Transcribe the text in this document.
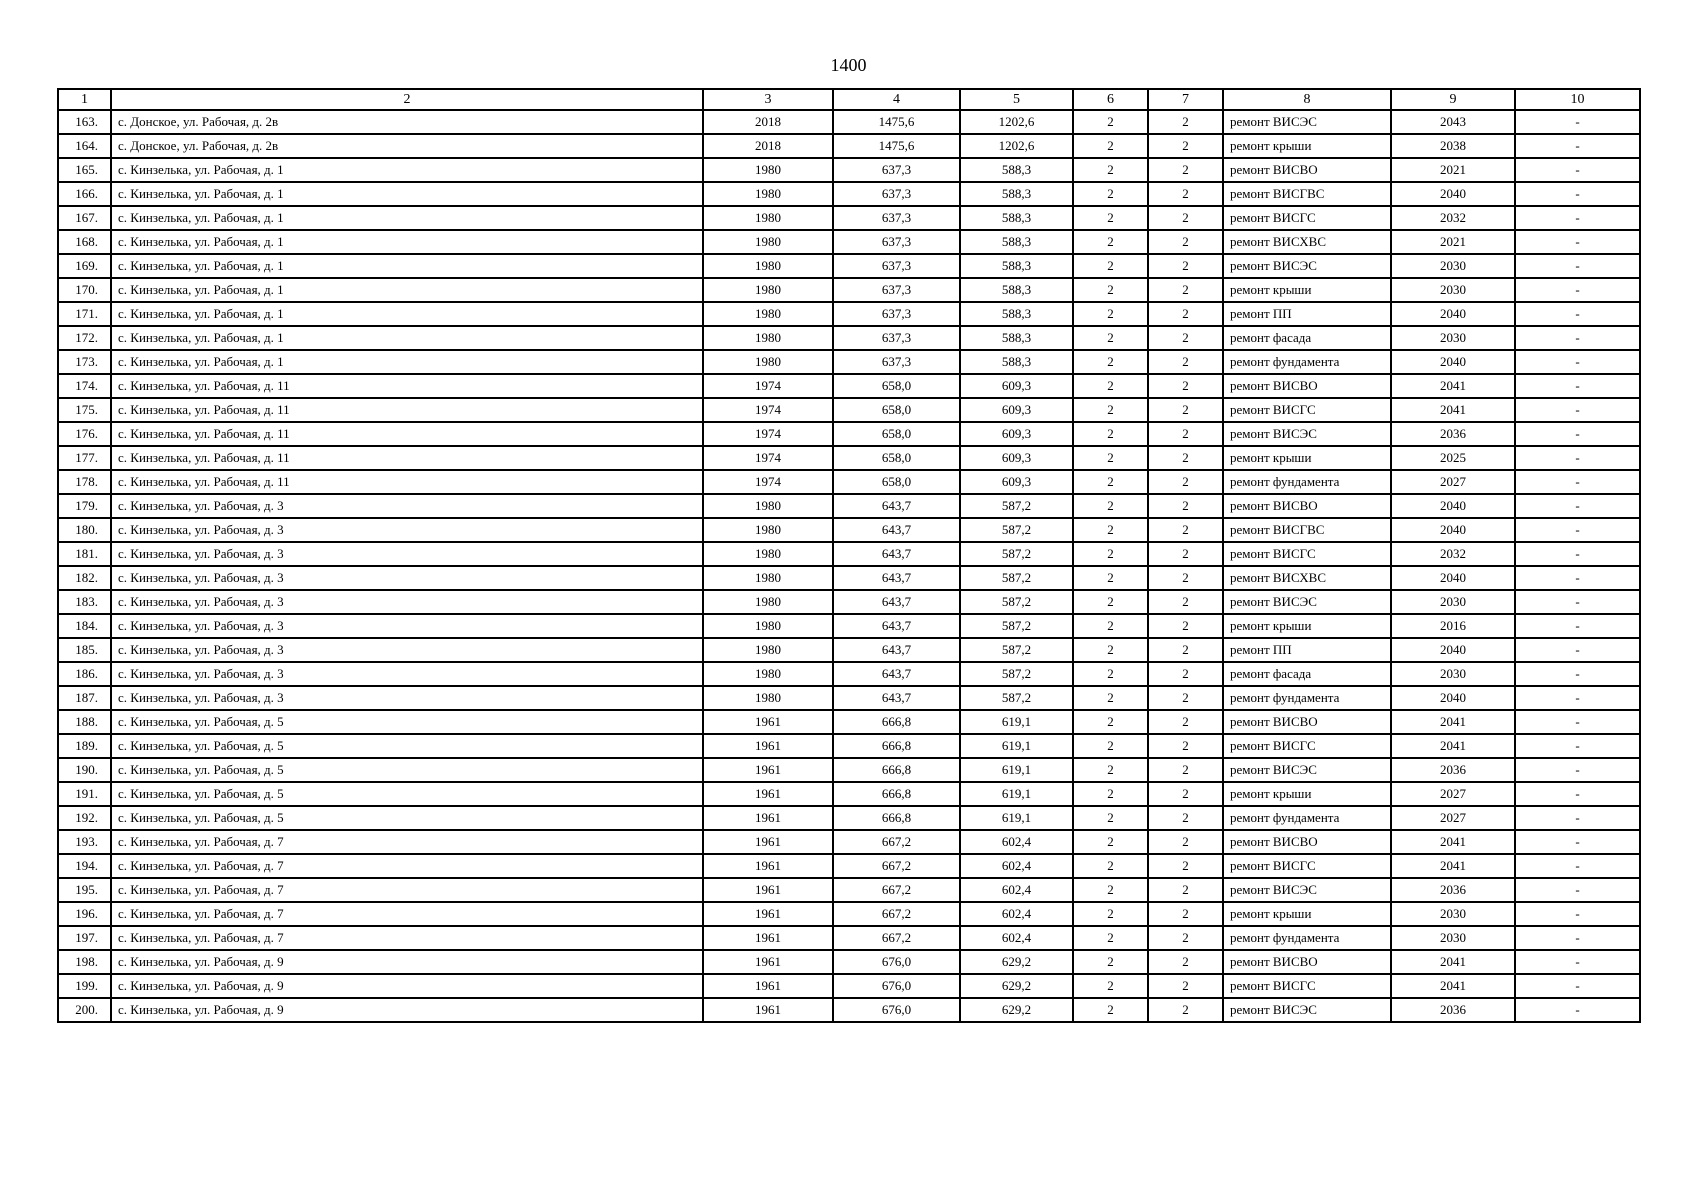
1400
1	2	3	4	5	6	7	8	9	10
163.	с. Донское, ул. Рабочая, д. 2в	2018	1475,6	1202,6	2	2	ремонт ВИСЭС	2043	-
164.	с. Донское, ул. Рабочая, д. 2в	2018	1475,6	1202,6	2	2	ремонт крыши	2038	-
165.	с. Кинзелька, ул. Рабочая, д. 1	1980	637,3	588,3	2	2	ремонт ВИСВО	2021	-
166.	с. Кинзелька, ул. Рабочая, д. 1	1980	637,3	588,3	2	2	ремонт ВИСГВС	2040	-
167.	с. Кинзелька, ул. Рабочая, д. 1	1980	637,3	588,3	2	2	ремонт ВИСГС	2032	-
168.	с. Кинзелька, ул. Рабочая, д. 1	1980	637,3	588,3	2	2	ремонт ВИСХВС	2021	-
169.	с. Кинзелька, ул. Рабочая, д. 1	1980	637,3	588,3	2	2	ремонт ВИСЭС	2030	-
170.	с. Кинзелька, ул. Рабочая, д. 1	1980	637,3	588,3	2	2	ремонт крыши	2030	-
171.	с. Кинзелька, ул. Рабочая, д. 1	1980	637,3	588,3	2	2	ремонт ПП	2040	-
172.	с. Кинзелька, ул. Рабочая, д. 1	1980	637,3	588,3	2	2	ремонт фасада	2030	-
173.	с. Кинзелька, ул. Рабочая, д. 1	1980	637,3	588,3	2	2	ремонт фундамента	2040	-
174.	с. Кинзелька, ул. Рабочая, д. 11	1974	658,0	609,3	2	2	ремонт ВИСВО	2041	-
175.	с. Кинзелька, ул. Рабочая, д. 11	1974	658,0	609,3	2	2	ремонт ВИСГС	2041	-
176.	с. Кинзелька, ул. Рабочая, д. 11	1974	658,0	609,3	2	2	ремонт ВИСЭС	2036	-
177.	с. Кинзелька, ул. Рабочая, д. 11	1974	658,0	609,3	2	2	ремонт крыши	2025	-
178.	с. Кинзелька, ул. Рабочая, д. 11	1974	658,0	609,3	2	2	ремонт фундамента	2027	-
179.	с. Кинзелька, ул. Рабочая, д. 3	1980	643,7	587,2	2	2	ремонт ВИСВО	2040	-
180.	с. Кинзелька, ул. Рабочая, д. 3	1980	643,7	587,2	2	2	ремонт ВИСГВС	2040	-
181.	с. Кинзелька, ул. Рабочая, д. 3	1980	643,7	587,2	2	2	ремонт ВИСГС	2032	-
182.	с. Кинзелька, ул. Рабочая, д. 3	1980	643,7	587,2	2	2	ремонт ВИСХВС	2040	-
183.	с. Кинзелька, ул. Рабочая, д. 3	1980	643,7	587,2	2	2	ремонт ВИСЭС	2030	-
184.	с. Кинзелька, ул. Рабочая, д. 3	1980	643,7	587,2	2	2	ремонт крыши	2016	-
185.	с. Кинзелька, ул. Рабочая, д. 3	1980	643,7	587,2	2	2	ремонт ПП	2040	-
186.	с. Кинзелька, ул. Рабочая, д. 3	1980	643,7	587,2	2	2	ремонт фасада	2030	-
187.	с. Кинзелька, ул. Рабочая, д. 3	1980	643,7	587,2	2	2	ремонт фундамента	2040	-
188.	с. Кинзелька, ул. Рабочая, д. 5	1961	666,8	619,1	2	2	ремонт ВИСВО	2041	-
189.	с. Кинзелька, ул. Рабочая, д. 5	1961	666,8	619,1	2	2	ремонт ВИСГС	2041	-
190.	с. Кинзелька, ул. Рабочая, д. 5	1961	666,8	619,1	2	2	ремонт ВИСЭС	2036	-
191.	с. Кинзелька, ул. Рабочая, д. 5	1961	666,8	619,1	2	2	ремонт крыши	2027	-
192.	с. Кинзелька, ул. Рабочая, д. 5	1961	666,8	619,1	2	2	ремонт фундамента	2027	-
193.	с. Кинзелька, ул. Рабочая, д. 7	1961	667,2	602,4	2	2	ремонт ВИСВО	2041	-
194.	с. Кинзелька, ул. Рабочая, д. 7	1961	667,2	602,4	2	2	ремонт ВИСГС	2041	-
195.	с. Кинзелька, ул. Рабочая, д. 7	1961	667,2	602,4	2	2	ремонт ВИСЭС	2036	-
196.	с. Кинзелька, ул. Рабочая, д. 7	1961	667,2	602,4	2	2	ремонт крыши	2030	-
197.	с. Кинзелька, ул. Рабочая, д. 7	1961	667,2	602,4	2	2	ремонт фундамента	2030	-
198.	с. Кинзелька, ул. Рабочая, д. 9	1961	676,0	629,2	2	2	ремонт ВИСВО	2041	-
199.	с. Кинзелька, ул. Рабочая, д. 9	1961	676,0	629,2	2	2	ремонт ВИСГС	2041	-
200.	с. Кинзелька, ул. Рабочая, д. 9	1961	676,0	629,2	2	2	ремонт ВИСЭС	2036	-
